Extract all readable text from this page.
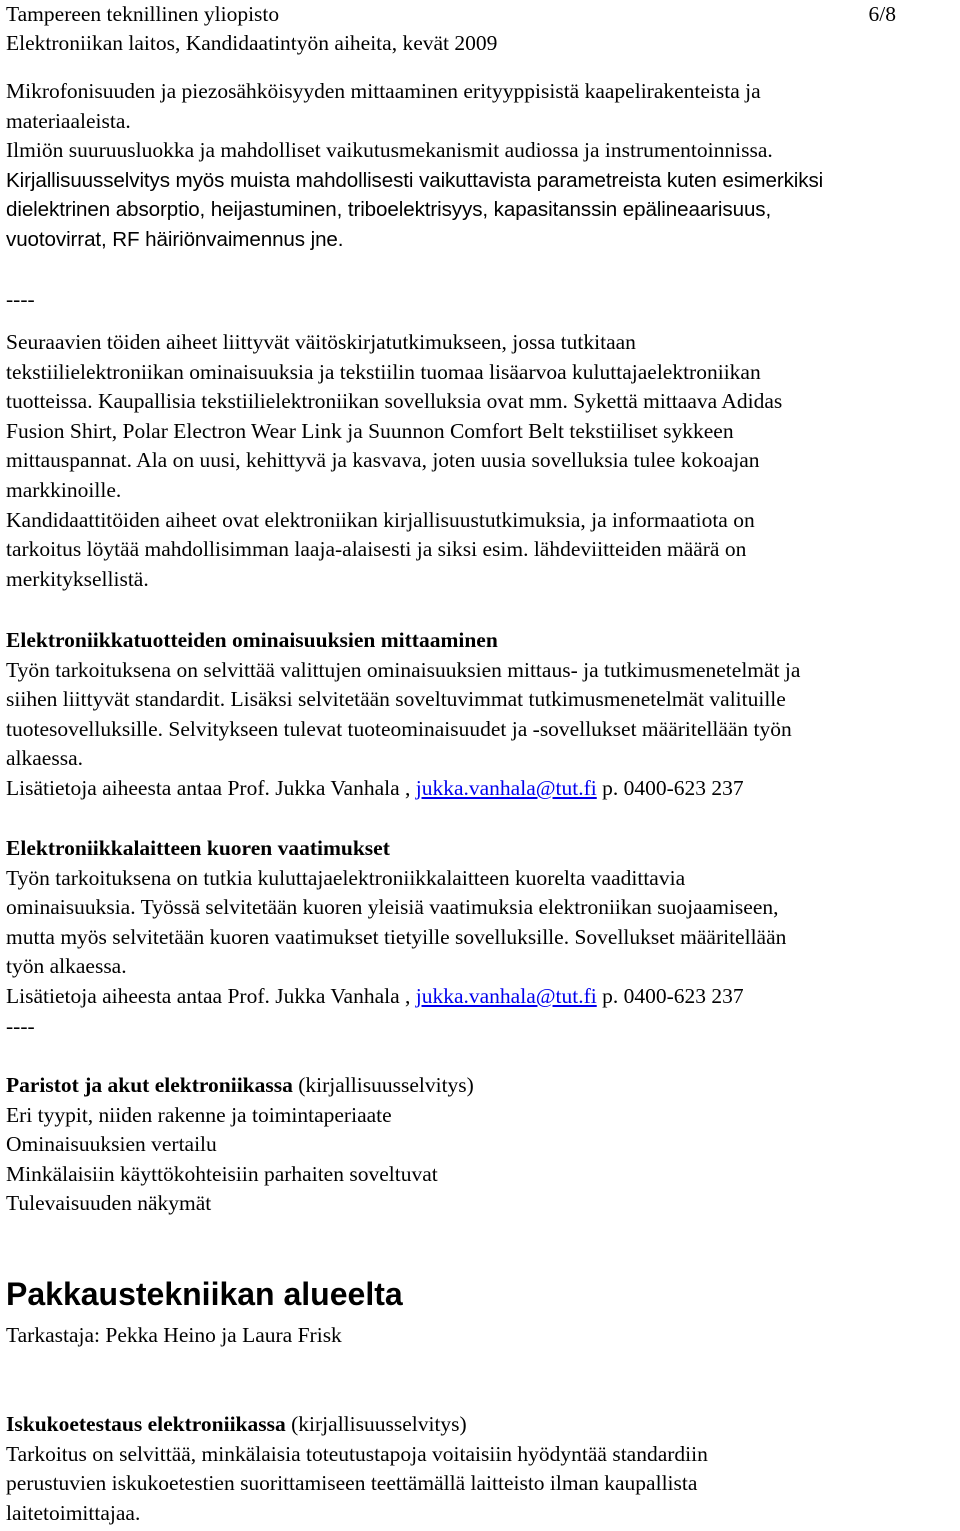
Tampereen teknillinen yliopisto	6/8
Elektroniikan laitos, Kandidaatintyön aiheita, kevät 2009
Mikrofonisuuden ja piezosähköisyyden mittaaminen erityyppisistä kaapelirakenteista ja
materiaaleista.
Ilmiön suuruusluokka ja mahdolliset vaikutusmekanismit audiossa ja instrumentoinnissa.
Kirjallisuusselvitys myös muista mahdollisesti vaikuttavista parametreista kuten esimerkiksi
dielektrinen absorptio, heijastuminen, triboelektrisyys, kapasitanssin epälineaarisuus,
vuotovirrat, RF häiriönvaimennus jne.
----
Seuraavien töiden aiheet liittyvät väitöskirjatutkimukseen, jossa tutkitaan
tekstiilielektroniikan ominaisuuksia ja tekstiilin tuomaa lisäarvoa kuluttajaelektroniikan
tuotteissa. Kaupallisia tekstiilielektroniikan sovelluksia ovat mm. Sykettä mittaava Adidas
Fusion Shirt, Polar Electron Wear Link ja Suunnon Comfort Belt tekstiiliset sykkeen
mittauspannat. Ala on uusi, kehittyvä ja kasvava, joten uusia sovelluksia tulee kokoajan
markkinoille.
Kandidaattitöiden aiheet ovat elektroniikan kirjallisuustutkimuksia, ja informaatiota on
tarkoitus löytää mahdollisimman laaja-alaisesti ja siksi esim. lähdeviitteiden määrä on
merkityksellistä.
Elektroniikkatuotteiden ominaisuuksien mittaaminen
Työn tarkoituksena on selvittää valittujen ominaisuuksien mittaus- ja tutkimusmenetelmät ja
siihen liittyvät standardit. Lisäksi selvitetään soveltuvimmat tutkimusmenetelmät valituille
tuotesovelluksille. Selvitykseen tulevat tuoteominaisuudet ja -sovellukset määritellään työn
alkaessa.
Lisätietoja aiheesta antaa Prof. Jukka Vanhala , jukka.vanhala@tut.fi p. 0400-623 237
Elektroniikkalaitteen kuoren vaatimukset
Työn tarkoituksena on tutkia kuluttajaelektroniikkalaitteen kuorelta vaadittavia
ominaisuuksia. Työssä selvitetään kuoren yleisiä vaatimuksia elektroniikan suojaamiseen,
mutta myös selvitetään kuoren vaatimukset tietyille sovelluksille. Sovellukset määritellään
työn alkaessa.
Lisätietoja aiheesta antaa Prof. Jukka Vanhala , jukka.vanhala@tut.fi p. 0400-623 237
----
Paristot ja akut elektroniikassa (kirjallisuusselvitys)
Eri tyypit, niiden rakenne ja toimintaperiaate
Ominaisuuksien vertailu
Minkälaisiin käyttökohteisiin parhaiten soveltuvat
Tulevaisuuden näkymät
Pakkaustekniikan alueelta
Tarkastaja: Pekka Heino ja Laura Frisk
Iskukoetestaus elektroniikassa (kirjallisuusselvitys)
Tarkoitus on selvittää, minkälaisia toteutustapoja voitaisiin hyödyntää standardiin
perustuvien iskukoetestien suorittamiseen teettämällä laitteisto ilman kaupallista
laitetoimittajaa.
